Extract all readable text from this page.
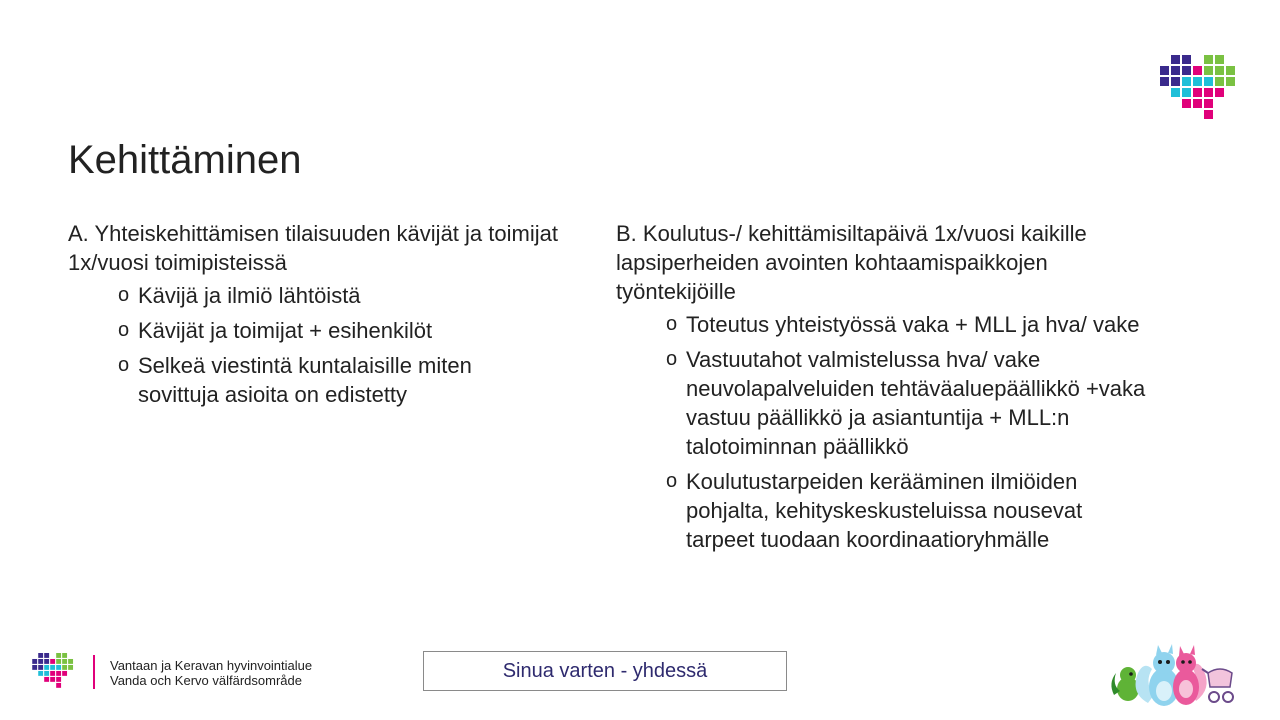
Kehittäminen

A. Yhteiskehittämisen tilaisuuden kävijät ja toimijat 1x/vuosi toimipisteissä

o Kävijä ja ilmiö lähtöistä
o Kävijät ja toimijat + esihenkilöt
o Selkeä viestintä kuntalaisille miten sovittuja asioita on edistetty

B. Koulutus-/ kehittämisiltapäivä 1x/vuosi kaikille lapsiperheiden avointen kohtaamispaikkojen työntekijöille

o Toteutus yhteistyössä vaka + MLL ja hva/ vake
o Vastuutahot valmistelussa hva/ vake neuvolapalveluiden tehtäväaluepäällikkö +vaka vastuu päällikkö ja asiantuntija + MLL:n talotoiminnan päällikkö
o Koulutustarpeiden kerääminen ilmiöiden pohjalta, kehityskeskusteluissa nousevat tarpeet tuodaan koordinaatioryhmälle
Vantaan ja Keravan hyvinvointialue
Vanda och Kervo välfärdsområde	Sinua varten - yhdessä
